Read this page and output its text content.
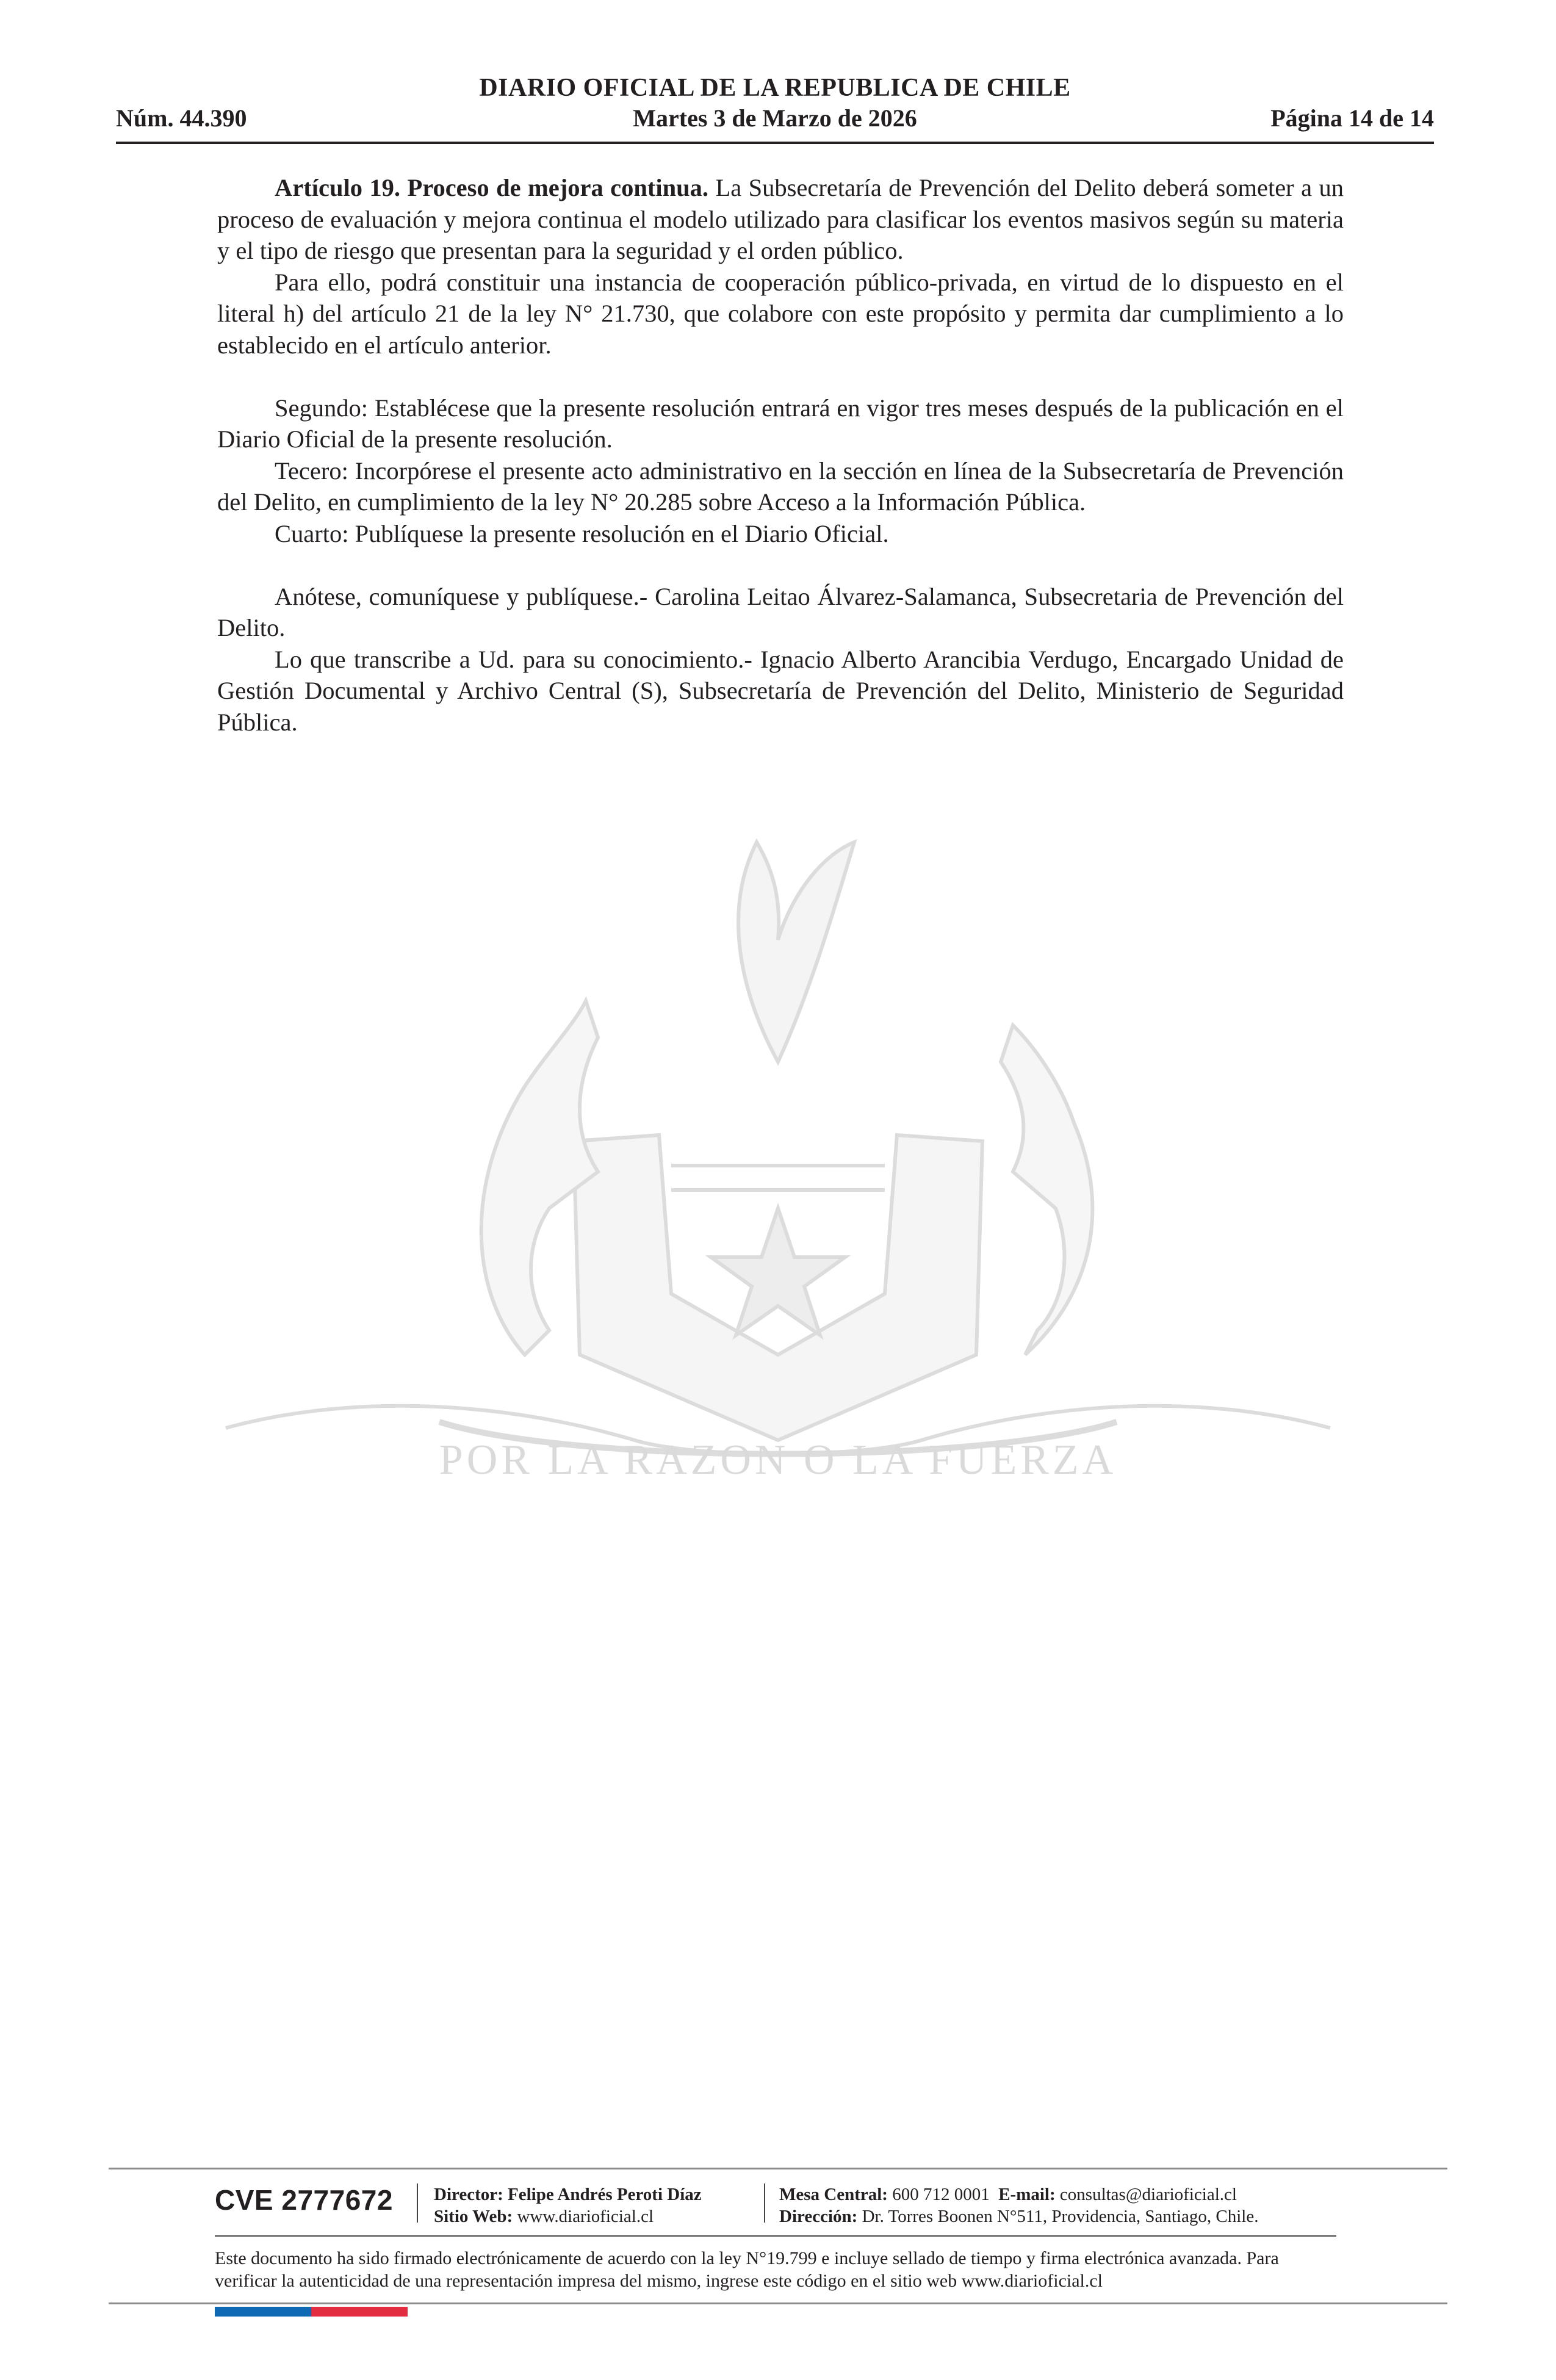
DIARIO OFICIAL DE LA REPUBLICA DE CHILE
Núm. 44.390	Martes 3 de Marzo de 2026	Página 14 de 14
POR LA RAZON O LA FUERZA

Artículo 19. Proceso de mejora continua. La Subsecretaría de Prevención del Delito deberá someter a un proceso de evaluación y mejora continua el modelo utilizado para clasificar los eventos masivos según su materia y el tipo de riesgo que presentan para la seguridad y el orden público.

Para ello, podrá constituir una instancia de cooperación público-privada, en virtud de lo dispuesto en el literal h) del artículo 21 de la ley N° 21.730, que colabore con este propósito y permita dar cumplimiento a lo establecido en el artículo anterior.

Segundo: Establécese que la presente resolución entrará en vigor tres meses después de la publicación en el Diario Oficial de la presente resolución.

Tecero: Incorpórese el presente acto administrativo en la sección en línea de la Subsecretaría de Prevención del Delito, en cumplimiento de la ley N° 20.285 sobre Acceso a la Información Pública.

Cuarto: Publíquese la presente resolución en el Diario Oficial.

Anótese, comuníquese y publíquese.- Carolina Leitao Álvarez-Salamanca, Subsecretaria de Prevención del Delito.

Lo que transcribe a Ud. para su conocimiento.- Ignacio Alberto Arancibia Verdugo, Encargado Unidad de Gestión Documental y Archivo Central (S), Subsecretaría de Prevención del Delito, Ministerio de Seguridad Pública.

CVE 2777672 Director: Felipe Andrés Peroti Díaz
Sitio Web: www.diarioficial.cl
Mesa Central: 600 712 0001 E-mail: consultas@diarioficial.cl
Dirección: Dr. Torres Boonen N°511, Providencia, Santiago, Chile.
Este documento ha sido firmado electrónicamente de acuerdo con la ley N°19.799 e incluye sellado de tiempo y firma electrónica avanzada. Para verificar la autenticidad de una representación impresa del mismo, ingrese este código en el sitio web www.diarioficial.cl
